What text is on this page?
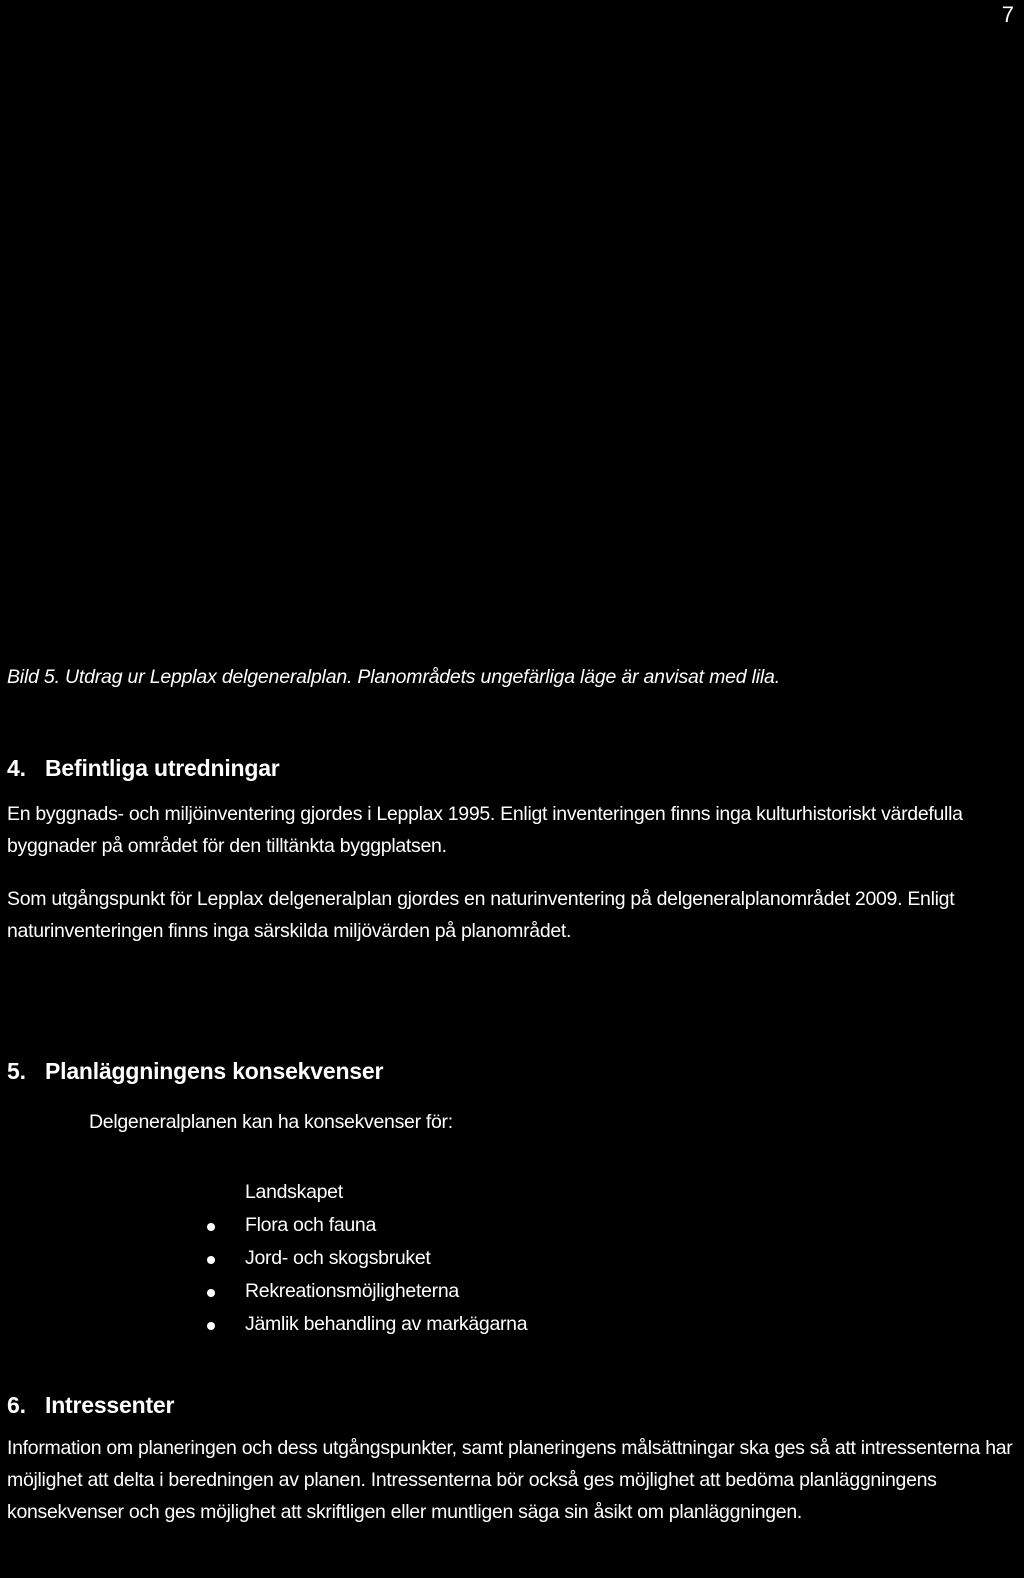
7
Bild 5. Utdrag ur Lepplax delgeneralplan. Planområdets ungefärliga läge är anvisat med lila.
4. Befintliga utredningar

En byggnads- och miljöinventering gjordes i Lepplax 1995. Enligt inventeringen finns inga kulturhistoriskt värdefulla byggnader på området för den tilltänkta byggplatsen.

Som utgångspunkt för Lepplax delgeneralplan gjordes en naturinventering på delgeneralplanområdet 2009. Enligt naturinventeringen finns inga särskilda miljövärden på planområdet.

5. Planläggningens konsekvenser
Delgeneralplanen kan ha konsekvenser för:
Landskapet
Flora och fauna
Jord- och skogsbruket
Rekreationsmöjligheterna
Jämlik behandling av markägarna
6. Intressenter

Information om planeringen och dess utgångspunkter, samt planeringens målsättningar ska ges så att intressenterna har möjlighet att delta i beredningen av planen. Intressenterna bör också ges möjlighet att bedöma planläggningens konsekvenser och ges möjlighet att skriftligen eller muntligen säga sin åsikt om planläggningen.
